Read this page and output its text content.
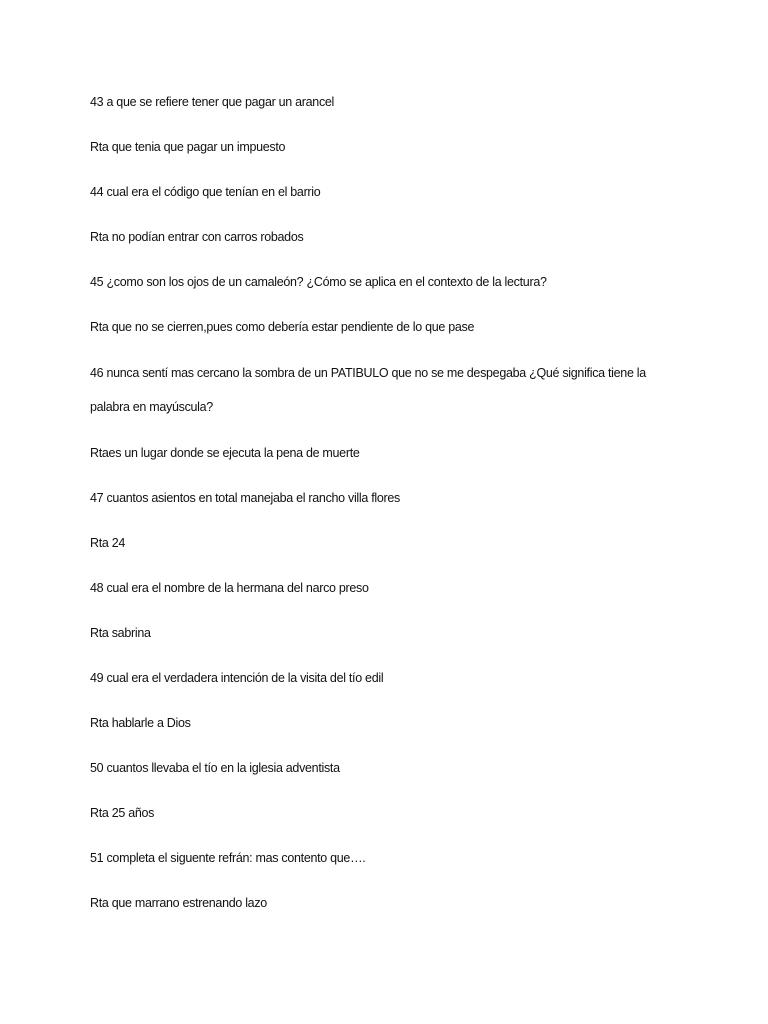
43 a que se refiere tener que pagar un arancel

Rta que tenia que pagar un impuesto

44 cual era el código que tenían en el barrio

Rta no podían entrar con carros robados

45 ¿como son los ojos de un camaleón? ¿Cómo se aplica en el contexto de la lectura?

Rta que no se cierren,pues como debería estar pendiente de lo que pase

46 nunca sentí mas cercano la sombra de un PATIBULO que no se me despegaba ¿Qué significa tiene la

palabra en mayúscula?

Rtaes un lugar donde se ejecuta la pena de muerte

47 cuantos asientos en total manejaba el rancho villa flores

Rta 24

48 cual era el nombre de la hermana del narco preso

Rta sabrina

49 cual era el verdadera intención de la visita del tío edil

Rta hablarle a Dios

50 cuantos llevaba el tío en la iglesia adventista

Rta 25 años

51 completa el siguente refrán: mas contento que….

Rta que marrano estrenando lazo
